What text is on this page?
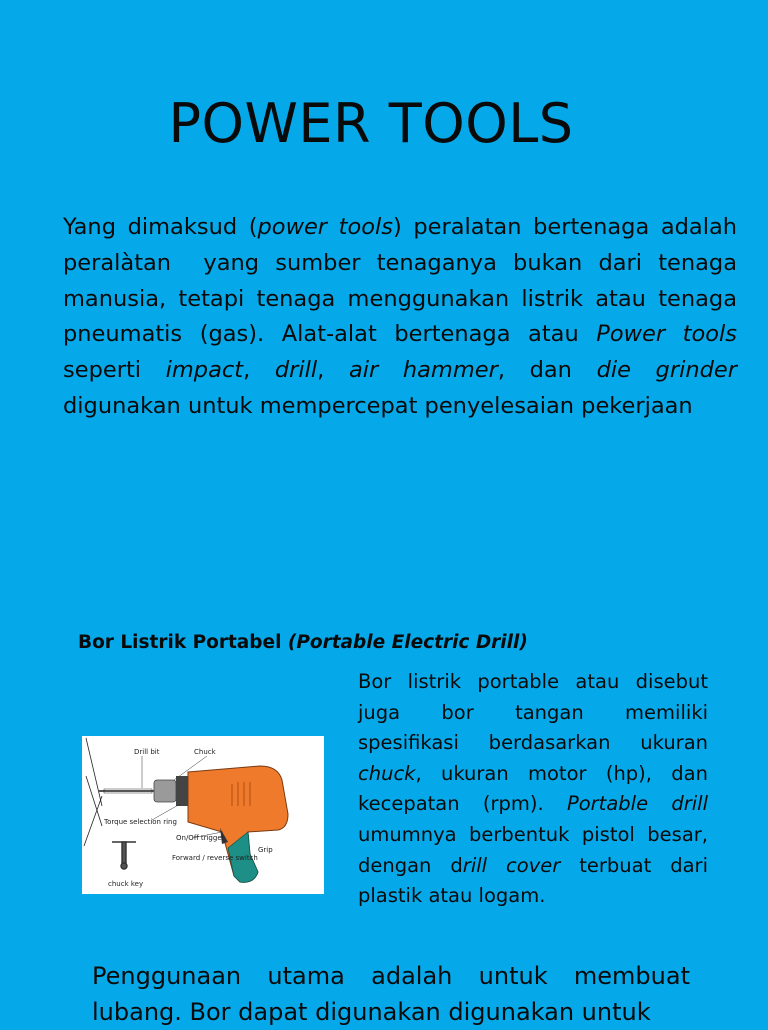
POWER TOOLS

Yang dimaksud (power tools) peralatan bertenaga adalah  peralàtan  yang sumber tenaganya bukan dari tenaga manusia, tetapi tenaga menggunakan listrik atau tenaga pneumatis (gas). Alat-alat bertenaga atau Power tools seperti impact, drill, air hammer, dan die grinder digunakan untuk mempercepat penyelesaian pekerjaan

Bor Listrik Portabel (Portable Electric Drill)

Bor listrik portable atau disebut juga bor tangan memiliki spesifikasi berdasarkan ukuran chuck, ukuran motor (hp), dan kecepatan (rpm). Portable drill umumnya berbentuk pistol besar, dengan drill cover terbuat dari plastik atau logam.

Drill bit	Chuck
Torque selection ring
On/Off trigger
Forward / reverse switch
Grip
chuck key

Penggunaan utama adalah untuk membuat lubang. Bor dapat digunakan digunakan untuk
